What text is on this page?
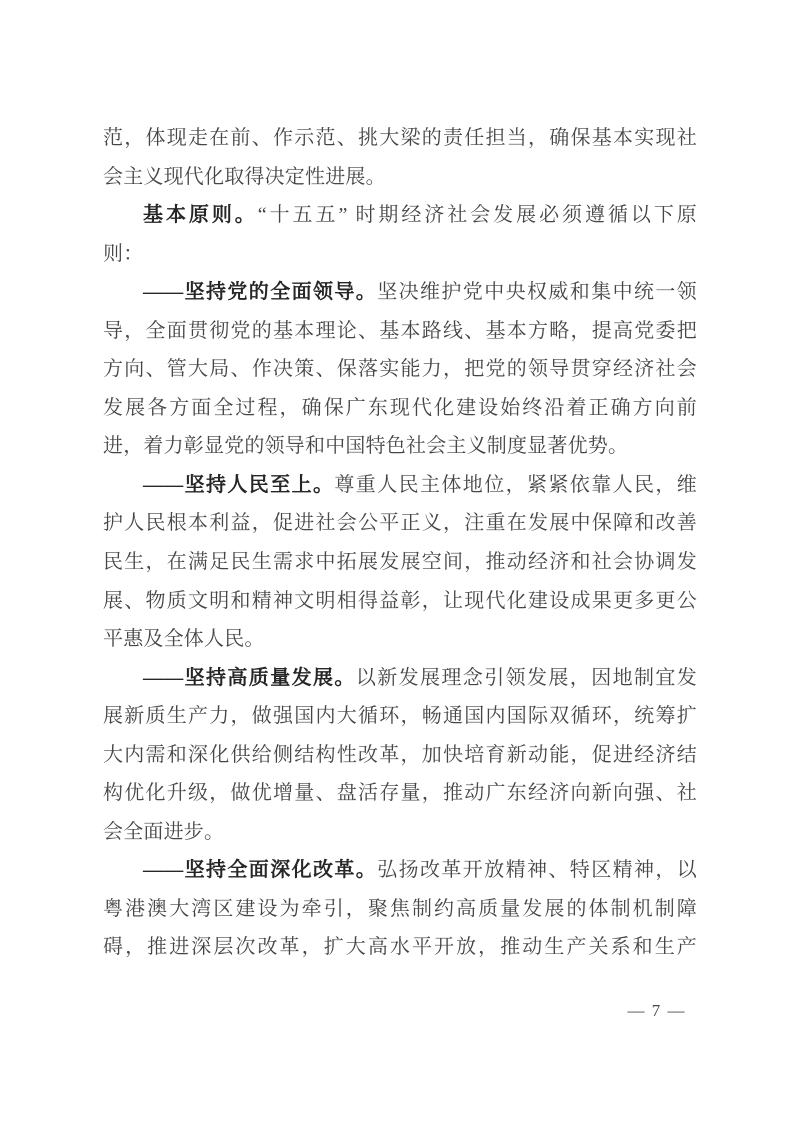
范，体现走在前、作示范、挑大梁的责任担当，确保基本实现社
会主义现代化取得决定性进展。
基本原则。“十五五” 时期经济社会发展必须遵循以下原
则：
——坚持党的全面领导。坚决维护党中央权威和集中统一领
导，全面贯彻党的基本理论、基本路线、基本方略，提高党委把
方向、管大局、作决策、保落实能力，把党的领导贯穿经济社会
发展各方面全过程，确保广东现代化建设始终沿着正确方向前
进，着力彰显党的领导和中国特色社会主义制度显著优势。
——坚持人民至上。尊重人民主体地位，紧紧依靠人民，维
护人民根本利益，促进社会公平正义，注重在发展中保障和改善
民生，在满足民生需求中拓展发展空间，推动经济和社会协调发
展、物质文明和精神文明相得益彰，让现代化建设成果更多更公
平惠及全体人民。
——坚持高质量发展。以新发展理念引领发展，因地制宜发
展新质生产力，做强国内大循环，畅通国内国际双循环，统筹扩
大内需和深化供给侧结构性改革，加快培育新动能，促进经济结
构优化升级，做优增量、盘活存量，推动广东经济向新向强、社
会全面进步。
——坚持全面深化改革。弘扬改革开放精神、特区精神，以
粤港澳大湾区建设为牵引，聚焦制约高质量发展的体制机制障
碍，推进深层次改革，扩大高水平开放，推动生产关系和生产
— 7 —
